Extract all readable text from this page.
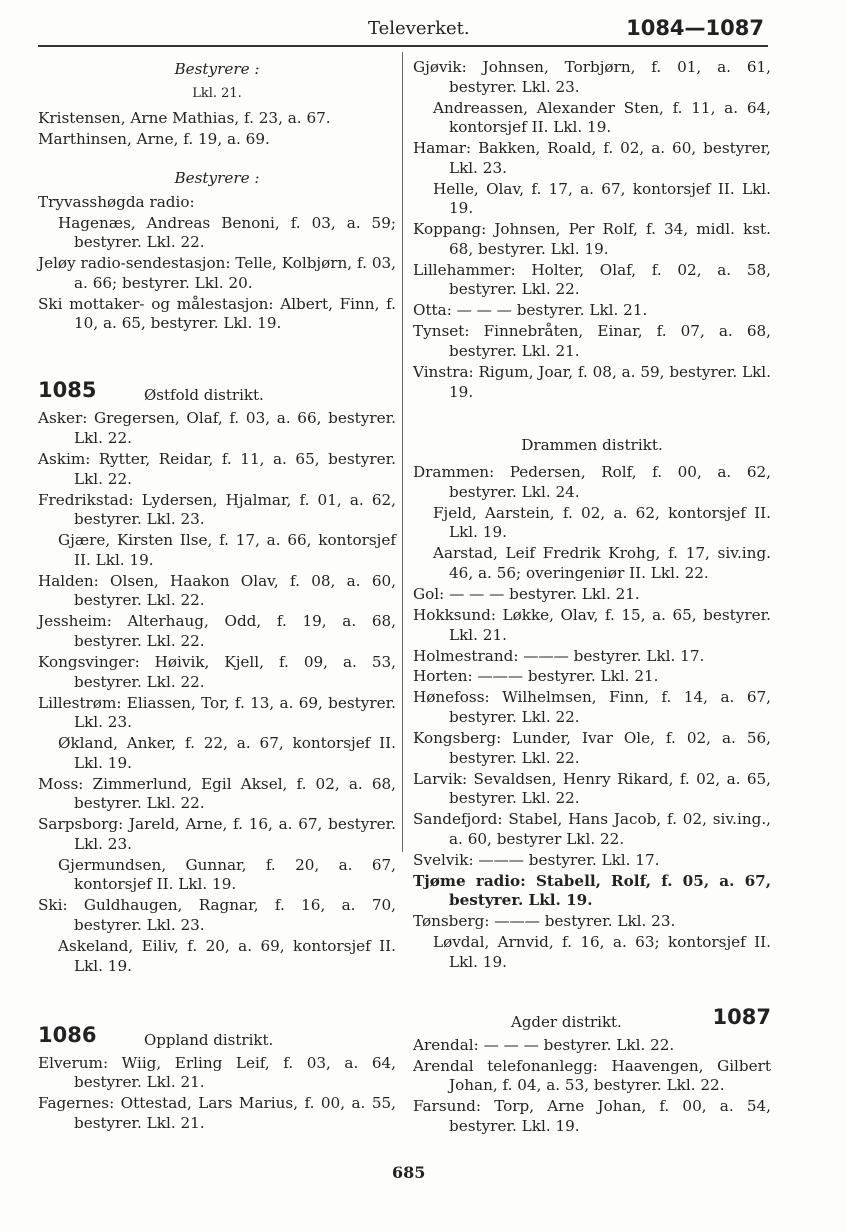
Televerket.	1084—1087
Bestyrere :
Lkl. 21.
Kristensen, Arne Mathias, f. 23, a. 67.
Marthinsen, Arne, f. 19, a. 69.
Bestyrere :
Tryvasshøgda radio:
Hagenæs, Andreas Benoni, f. 03, a. 59; bestyrer. Lkl. 22.
Jeløy radio-sendestasjon: Telle, Kolbjørn, f. 03, a. 66; bestyrer. Lkl. 20.
Ski mottaker- og målestasjon: Albert, Finn, f. 10, a. 65, bestyrer. Lkl. 19.
1085	Østfold distrikt.
Asker: Gregersen, Olaf, f. 03, a. 66, bestyrer. Lkl. 22.
Askim: Rytter, Reidar, f. 11, a. 65, bestyrer. Lkl. 22.
Fredrikstad: Lydersen, Hjalmar, f. 01, a. 62, bestyrer. Lkl. 23.
Gjære, Kirsten Ilse, f. 17, a. 66, kontorsjef II. Lkl. 19.
Halden: Olsen, Haakon Olav, f. 08, a. 60, bestyrer. Lkl. 22.
Jessheim: Alterhaug, Odd, f. 19, a. 68, bestyrer. Lkl. 22.
Kongsvinger: Høivik, Kjell, f. 09, a. 53, bestyrer. Lkl. 22.
Lillestrøm: Eliassen, Tor, f. 13, a. 69, bestyrer. Lkl. 23.
Økland, Anker, f. 22, a. 67, kontorsjef II. Lkl. 19.
Moss: Zimmerlund, Egil Aksel, f. 02, a. 68, bestyrer. Lkl. 22.
Sarpsborg: Jareld, Arne, f. 16, a. 67, bestyrer. Lkl. 23.
Gjermundsen, Gunnar, f. 20, a. 67, kontorsjef II. Lkl. 19.
Ski: Guldhaugen, Ragnar, f. 16, a. 70, bestyrer. Lkl. 23.
Askeland, Eiliv, f. 20, a. 69, kontorsjef II. Lkl. 19.
1086	Oppland distrikt.
Elverum: Wiig, Erling Leif, f. 03, a. 64, bestyrer. Lkl. 21.
Fagernes: Ottestad, Lars Marius, f. 00, a. 55, bestyrer. Lkl. 21.
Gjøvik: Johnsen, Torbjørn, f. 01, a. 61, bestyrer. Lkl. 23.
Andreassen, Alexander Sten, f. 11, a. 64, kontorsjef II. Lkl. 19.
Hamar: Bakken, Roald, f. 02, a. 60, bestyrer, Lkl. 23.
Helle, Olav, f. 17, a. 67, kontorsjef II. Lkl. 19.
Koppang: Johnsen, Per Rolf, f. 34, midl. kst. 68, bestyrer. Lkl. 19.
Lillehammer: Holter, Olaf, f. 02, a. 58, bestyrer. Lkl. 22.
Otta: — — — bestyrer. Lkl. 21.
Tynset: Finnebråten, Einar, f. 07, a. 68, bestyrer. Lkl. 21.
Vinstra: Rigum, Joar, f. 08, a. 59, bestyrer. Lkl. 19.
Drammen distrikt.
Drammen: Pedersen, Rolf, f. 00, a. 62, bestyrer. Lkl. 24.
Fjeld, Aarstein, f. 02, a. 62, kontorsjef II. Lkl. 19.
Aarstad, Leif Fredrik Krohg, f. 17, siv.ing. 46, a. 56; overingeniør II. Lkl. 22.
Gol: — — — bestyrer. Lkl. 21.
Hokksund: Løkke, Olav, f. 15, a. 65, bestyrer. Lkl. 21.
Holmestrand: ——— bestyrer. Lkl. 17.
Horten: ——— bestyrer. Lkl. 21.
Hønefoss: Wilhelmsen, Finn, f. 14, a. 67, bestyrer. Lkl. 22.
Kongsberg: Lunder, Ivar Ole, f. 02, a. 56, bestyrer. Lkl. 22.
Larvik: Sevaldsen, Henry Rikard, f. 02, a. 65, bestyrer. Lkl. 22.
Sandefjord: Stabel, Hans Jacob, f. 02, siv.ing., a. 60, bestyrer Lkl. 22.
Svelvik: ——— bestyrer. Lkl. 17.
Tjøme radio: Stabell, Rolf, f. 05, a. 67, bestyrer. Lkl. 19.
Tønsberg: ——— bestyrer. Lkl. 23.
Løvdal, Arnvid, f. 16, a. 63; kontorsjef II. Lkl. 19.
Agder distrikt.	1087
Arendal: — — — bestyrer. Lkl. 22.
Arendal telefonanlegg: Haavengen, Gilbert Johan, f. 04, a. 53, bestyrer. Lkl. 22.
Farsund: Torp, Arne Johan, f. 00, a. 54, bestyrer. Lkl. 19.
685
